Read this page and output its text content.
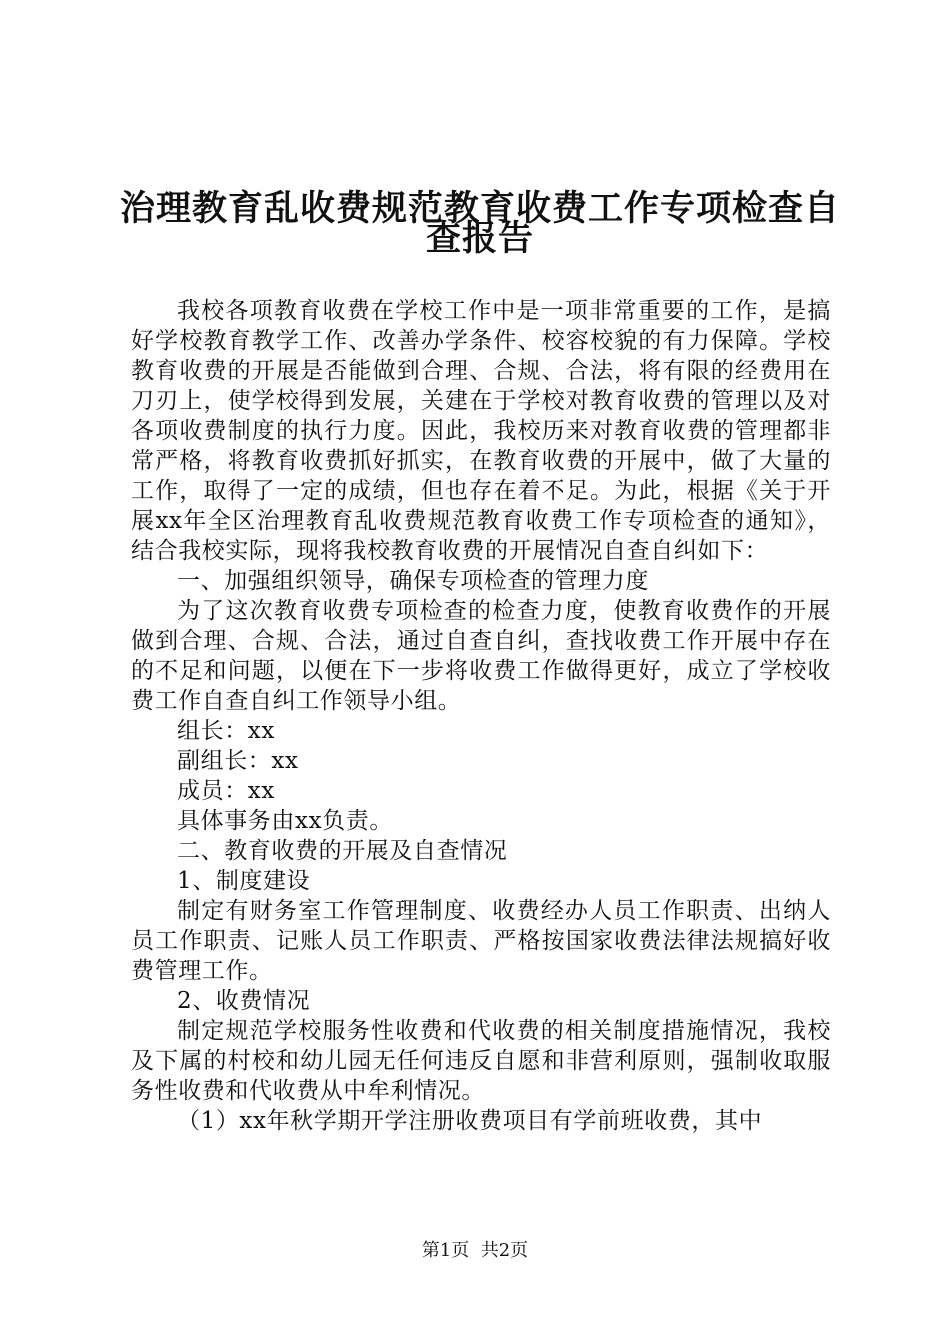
治理教育乱收费规范教育收费工作专项检查自
查报告

我校各项教育收费在学校工作中是一项非常重要的工作，是搞好学校教育教学工作、改善办学条件、校容校貌的有力保障。学校教育收费的开展是否能做到合理、合规、合法，将有限的经费用在刀刃上，使学校得到发展，关建在于学校对教育收费的管理以及对各项收费制度的执行力度。因此，我校历来对教育收费的管理都非常严格，将教育收费抓好抓实，在教育收费的开展中，做了大量的工作，取得了一定的成绩，但也存在着不足。为此，根据《关于开展xx年全区治理教育乱收费规范教育收费工作专项检查的通知》，结合我校实际，现将我校教育收费的开展情况自查自纠如下：

一、加强组织领导，确保专项检查的管理力度

为了这次教育收费专项检查的检查力度，使教育收费作的开展做到合理、合规、合法，通过自查自纠，查找收费工作开展中存在的不足和问题，以便在下一步将收费工作做得更好，成立了学校收费工作自查自纠工作领导小组。

组长：xx

副组长：xx

成员：xx

具体事务由xx负责。

二、教育收费的开展及自查情况

1、制度建设

制定有财务室工作管理制度、收费经办人员工作职责、出纳人员工作职责、记账人员工作职责、严格按国家收费法律法规搞好收费管理工作。

2、收费情况

制定规范学校服务性收费和代收费的相关制度措施情况，我校及下属的村校和幼儿园无任何违反自愿和非营利原则，强制收取服务性收费和代收费从中牟利情况。

（1）xx年秋学期开学注册收费项目有学前班收费，其中

第1页  共2页
